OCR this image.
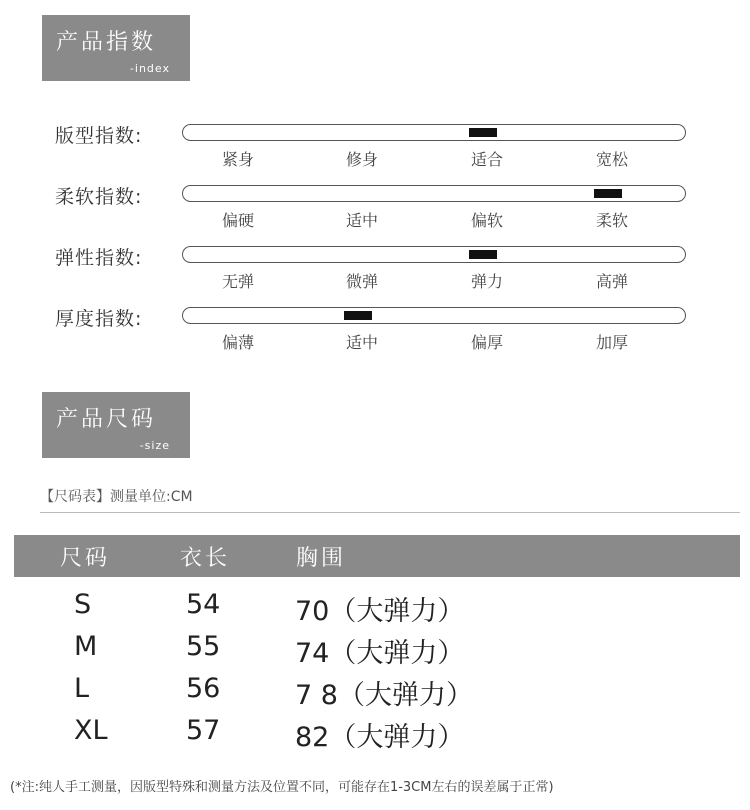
产品指数
-index
版型指数:
紧身	修身	适合	宽松
柔软指数:
偏硬	适中	偏软	柔软
弹性指数:
无弹	微弹	弹力	高弹
厚度指数:
偏薄	适中	偏厚	加厚
产品尺码
-size
【尺码表】测量单位:CM
尺码	衣长	胸围
S	54	70（大弹力）
M	55	74（大弹力）
L	56	7 8（大弹力）
XL	57	82（大弹力）
(*注:纯人手工测量，因版型特殊和测量方法及位置不同，可能存在1-3CM左右的误差属于正常)
